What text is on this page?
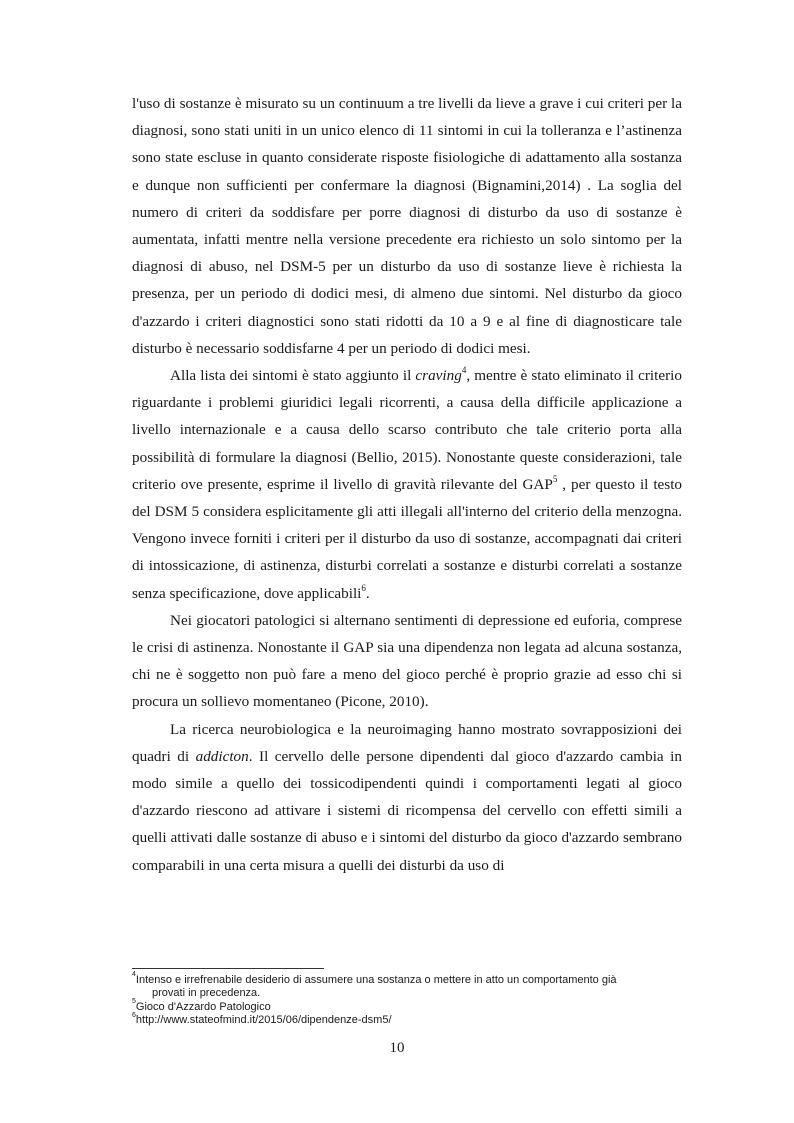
l'uso di sostanze è misurato su un continuum a tre livelli da lieve a grave i cui criteri per la diagnosi, sono stati uniti in un unico elenco di 11 sintomi in cui la tolleranza e l’astinenza sono state escluse in quanto considerate risposte fisiologiche di adattamento alla sostanza e dunque non sufficienti per confermare la diagnosi (Bignamini,2014) . La soglia del numero di criteri da soddisfare per porre diagnosi di disturbo da uso di sostanze è aumentata, infatti mentre nella versione precedente era richiesto un solo sintomo per la diagnosi di abuso, nel DSM-5 per un disturbo da uso di sostanze lieve è richiesta la presenza, per un periodo di dodici mesi, di almeno due sintomi. Nel disturbo da gioco d'azzardo i criteri diagnostici sono stati ridotti da 10 a 9 e al fine di diagnosticare tale disturbo è necessario soddisfarne 4 per un periodo di dodici mesi.

Alla lista dei sintomi è stato aggiunto il craving$^4$, mentre è stato eliminato il criterio riguardante i problemi giuridici legali ricorrenti, a causa della difficile applicazione a livello internazionale e a causa dello scarso contributo che tale criterio porta alla possibilità di formulare la diagnosi (Bellio, 2015). Nonostante queste considerazioni, tale criterio ove presente, esprime il livello di gravità rilevante del GAP$^5$ , per questo il testo del DSM 5 considera esplicitamente gli atti illegali all'interno del criterio della menzogna. Vengono invece forniti i criteri per il disturbo da uso di sostanze, accompagnati dai criteri di intossicazione, di astinenza, disturbi correlati a sostanze e disturbi correlati a sostanze senza specificazione, dove applicabili$^6$.

Nei giocatori patologici si alternano sentimenti di depressione ed euforia, comprese le crisi di astinenza. Nonostante il GAP sia una dipendenza non legata ad alcuna sostanza, chi ne è soggetto non può fare a meno del gioco perché è proprio grazie ad esso chi si procura un sollievo momentaneo (Picone, 2010).

La ricerca neurobiologica e la neuroimaging hanno mostrato sovrapposizioni dei quadri di addicton. Il cervello delle persone dipendenti dal gioco d'azzardo cambia in modo simile a quello dei tossicodipendenti quindi i comportamenti legati al gioco d'azzardo riescono ad attivare i sistemi di ricompensa del cervello con effetti simili a quelli attivati dalle sostanze di abuso e i sintomi del disturbo da gioco d'azzardo sembrano comparabili in una certa misura a quelli dei disturbi da uso di

$^4$Intenso e irrefrenabile desiderio di assumere una sostanza o mettere in atto un comportamento già
provati in precedenza.
$^5$Gioco d'Azzardo Patologico
$^6$http://www.stateofmind.it/2015/06/dipendenze-dsm5/
10
